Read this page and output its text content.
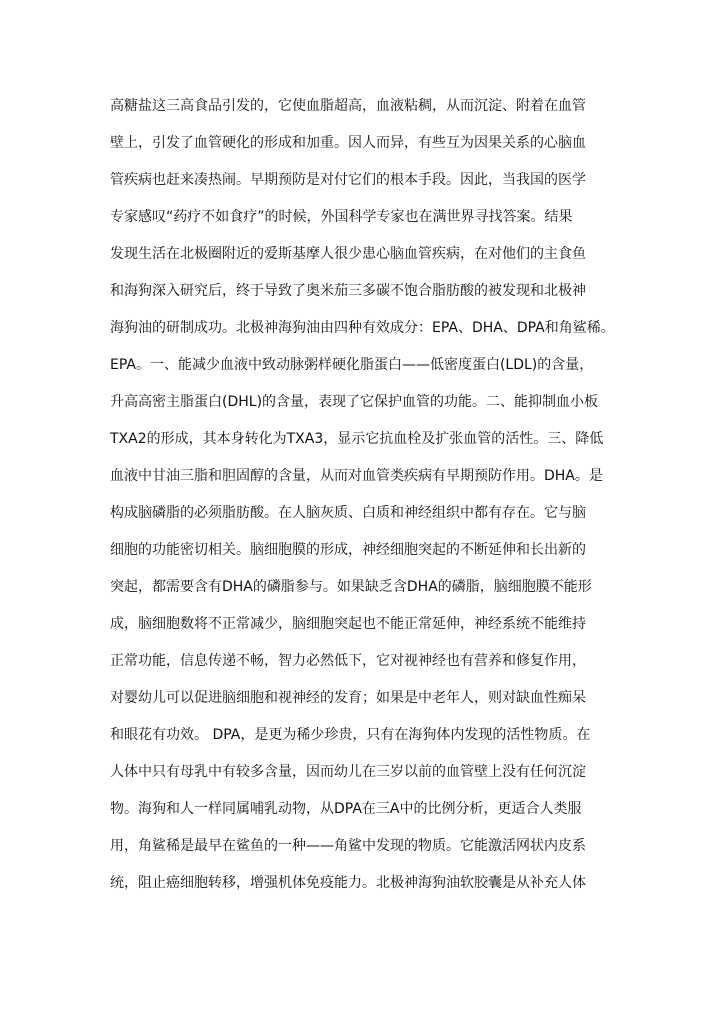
高糖盐这三高食品引发的，它使血脂超高，血液粘稠，从而沉淀、附着在血管
壁上，引发了血管硬化的形成和加重。因人而异，有些互为因果关系的心脑血
管疾病也赶来凑热闹。早期预防是对付它们的根本手段。因此，当我国的医学
专家感叹“药疗不如食疗”的时候，外国科学专家也在满世界寻找答案。结果
发现生活在北极圈附近的爱斯基摩人很少患心脑血管疾病，在对他们的主食鱼
和海狗深入研究后，终于导致了奥米茄三多碳不饱合脂肪酸的被发现和北极神
海狗油的研制成功。北极神海狗油由四种有效成分：EPA、DHA、DPA和角鲨稀。
EPA。一、能减少血液中致动脉粥样硬化脂蛋白——低密度蛋白(LDL)的含量，
升高高密主脂蛋白(DHL)的含量，表现了它保护血管的功能。二、能抑制血小板
TXA2的形成，其本身转化为TXA3，显示它抗血栓及扩张血管的活性。三、降低
血液中甘油三脂和胆固醇的含量，从而对血管类疾病有早期预防作用。DHA。是
构成脑磷脂的必须脂肪酸。在人脑灰质、白质和神经组织中都有存在。它与脑
细胞的功能密切相关。脑细胞膜的形成，神经细胞突起的不断延伸和长出新的
突起，都需要含有DHA的磷脂参与。如果缺乏含DHA的磷脂，脑细胞膜不能形
成，脑细胞数将不正常减少，脑细胞突起也不能正常延伸，神经系统不能维持
正常功能，信息传递不畅，智力必然低下，它对视神经也有营养和修复作用，
对婴幼儿可以促进脑细胞和视神经的发育；如果是中老年人，则对缺血性痴呆
和眼花有功效。 DPA，是更为稀少珍贵，只有在海狗体内发现的活性物质。在
人体中只有母乳中有较多含量，因而幼儿在三岁以前的血管壁上没有任何沉淀
物。海狗和人一样同属哺乳动物，从DPA在三A中的比例分析，更适合人类服
用，角鲨稀是最早在鲨鱼的一种——角鲨中发现的物质。它能激活网状内皮系
统，阻止癌细胞转移，增强机体免疫能力。北极神海狗油软胶囊是从补充人体
